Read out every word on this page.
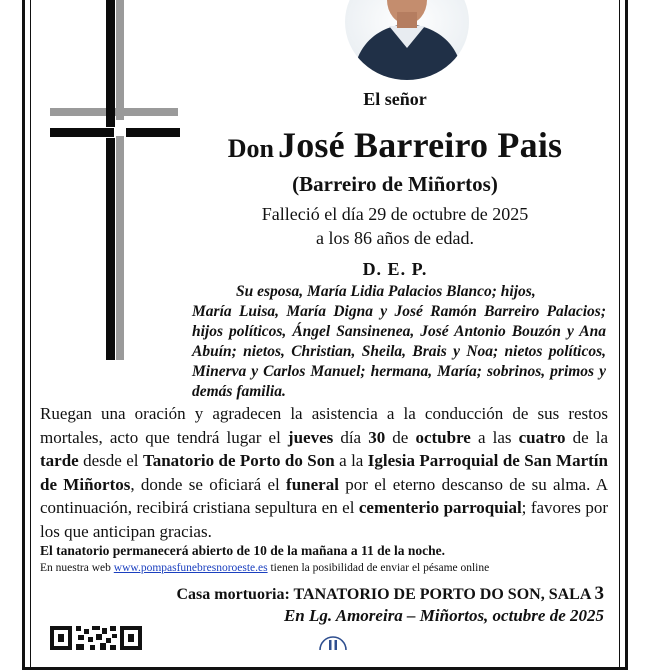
El señor
Don José Barreiro Pais
(Barreiro de Miñortos)
Falleció el día 29 de octubre de 2025
a los 86 años de edad.
D. E. P.
Su esposa, María Lidia Palacios Blanco; hijos,
María Luisa, María Digna y José Ramón Barreiro Palacios; hijos políticos, Ángel Sansinenea, José Antonio Bouzón y Ana Abuín; nietos, Christian, Sheila, Brais y Noa; nietos políticos, Minerva y Carlos Manuel; hermana, María; sobrinos, primos y demás familia.
Ruegan una oración y agradecen la asistencia a la conducción de sus restos mortales, acto que tendrá lugar el jueves día 30 de octubre a las cuatro de la tarde desde el Tanatorio de Porto do Son a la Iglesia Parroquial de San Martín de Miñortos, donde se oficiará el funeral por el eterno descanso de su alma. A continuación, recibirá cristiana sepultura en el cementerio parroquial; favores por los que anticipan gracias.
El tanatorio permanecerá abierto de 10 de la mañana a 11 de la noche.
En nuestra web www.pompasfunebresnoroeste.es tienen la posibilidad de enviar el pésame online
Casa mortuoria: TANATORIO DE PORTO DO SON, SALA 3
En Lg. Amoreira – Miñortos, octubre de 2025
